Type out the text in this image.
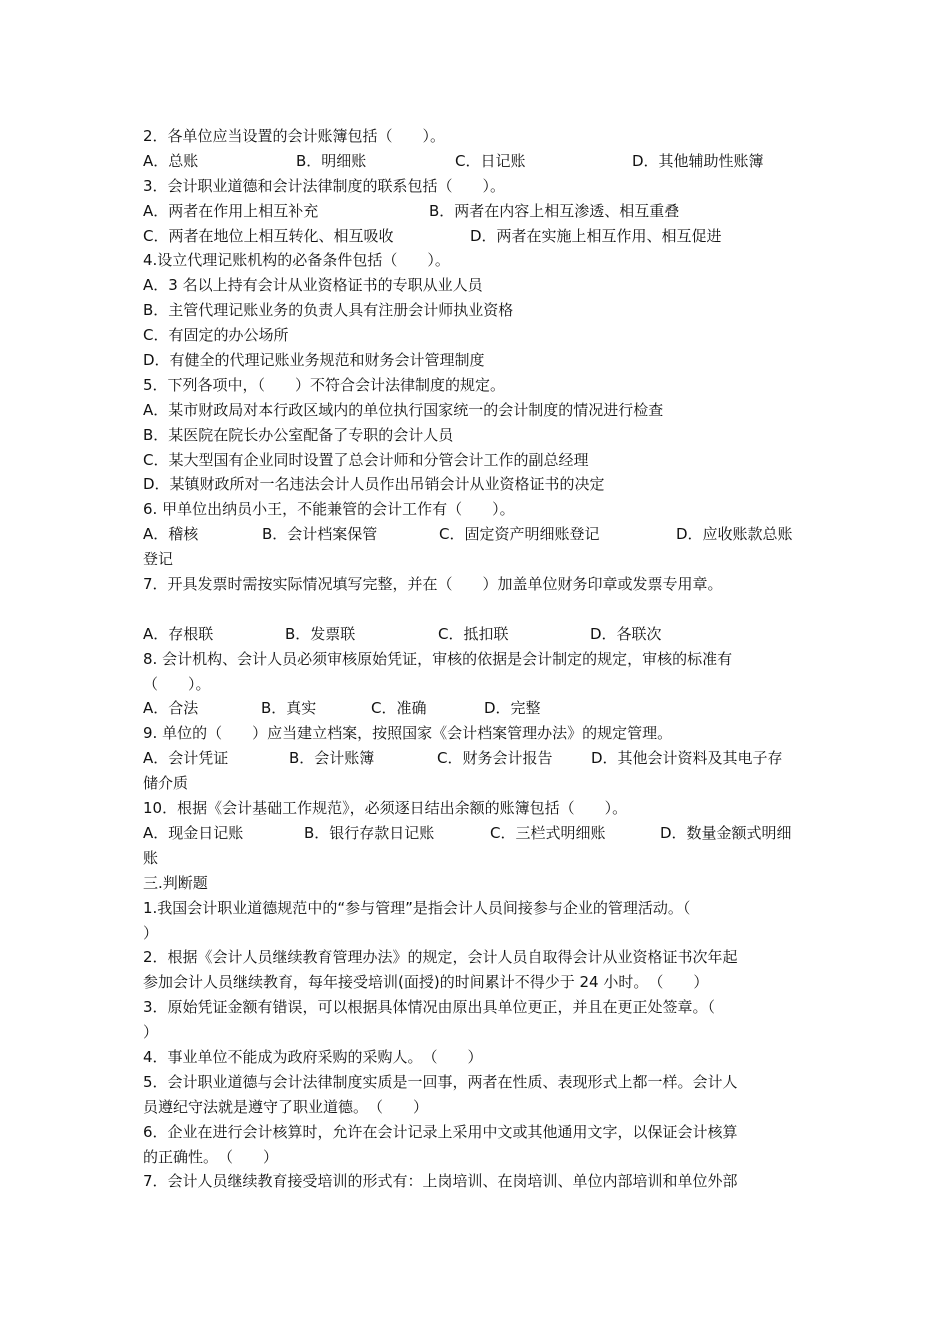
2．各单位应当设置的会计账簿包括（　　）。
A．总账	B．明细账	C．日记账	D．其他辅助性账簿
3．会计职业道德和会计法律制度的联系包括（　　）。
A．两者在作用上相互补充	B．两者在内容上相互渗透、相互重叠
C．两者在地位上相互转化、相互吸收	D．两者在实施上相互作用、相互促进
4.设立代理记账机构的必备条件包括（　　）。
A．3 名以上持有会计从业资格证书的专职从业人员
B．主管代理记账业务的负责人具有注册会计师执业资格
C．有固定的办公场所
D．有健全的代理记账业务规范和财务会计管理制度
5．下列各项中，（　　）不符合会计法律制度的规定。
A．某市财政局对本行政区域内的单位执行国家统一的会计制度的情况进行检查
B．某医院在院长办公室配备了专职的会计人员
C．某大型国有企业同时设置了总会计师和分管会计工作的副总经理
D．某镇财政所对一名违法会计人员作出吊销会计从业资格证书的决定
6. 甲单位出纳员小王，不能兼管的会计工作有（　　）。
A．稽核	B．会计档案保管	C．固定资产明细账登记	D．应收账款总账
登记
7．开具发票时需按实际情况填写完整，并在（　　）加盖单位财务印章或发票专用章。
A．存根联	B．发票联	C．抵扣联	D．各联次
8. 会计机构、会计人员必须审核原始凭证，审核的依据是会计制定的规定，审核的标准有
（　　）。
A．合法	B．真实	C．准确	D．完整
9. 单位的（　　）应当建立档案，按照国家《会计档案管理办法》的规定管理。
A．会计凭证	B．会计账簿	C．财务会计报告	D．其他会计资料及其电子存
储介质
10．根据《会计基础工作规范》，必须逐日结出余额的账簿包括（　　）。
A．现金日记账	B．银行存款日记账	C．三栏式明细账	D．数量金额式明细
账
三.判断题
1.我国会计职业道德规范中的“参与管理”是指会计人员间接参与企业的管理活动。（
）
2．根据《会计人员继续教育管理办法》的规定，会计人员自取得会计从业资格证书次年起
参加会计人员继续教育，每年接受培训(面授)的时间累计不得少于 24 小时。　（　　）
3．原始凭证金额有错误，可以根据具体情况由原出具单位更正，并且在更正处签章。（
）
4．事业单位不能成为政府采购的采购人。　（　　）
5．会计职业道德与会计法律制度实质是一回事，两者在性质、表现形式上都一样。会计人
员遵纪守法就是遵守了职业道德。　（　　）
6．企业在进行会计核算时，允许在会计记录上采用中文或其他通用文字，以保证会计核算
的正确性。　（　　）
7．会计人员继续教育接受培训的形式有：上岗培训、在岗培训、单位内部培训和单位外部
